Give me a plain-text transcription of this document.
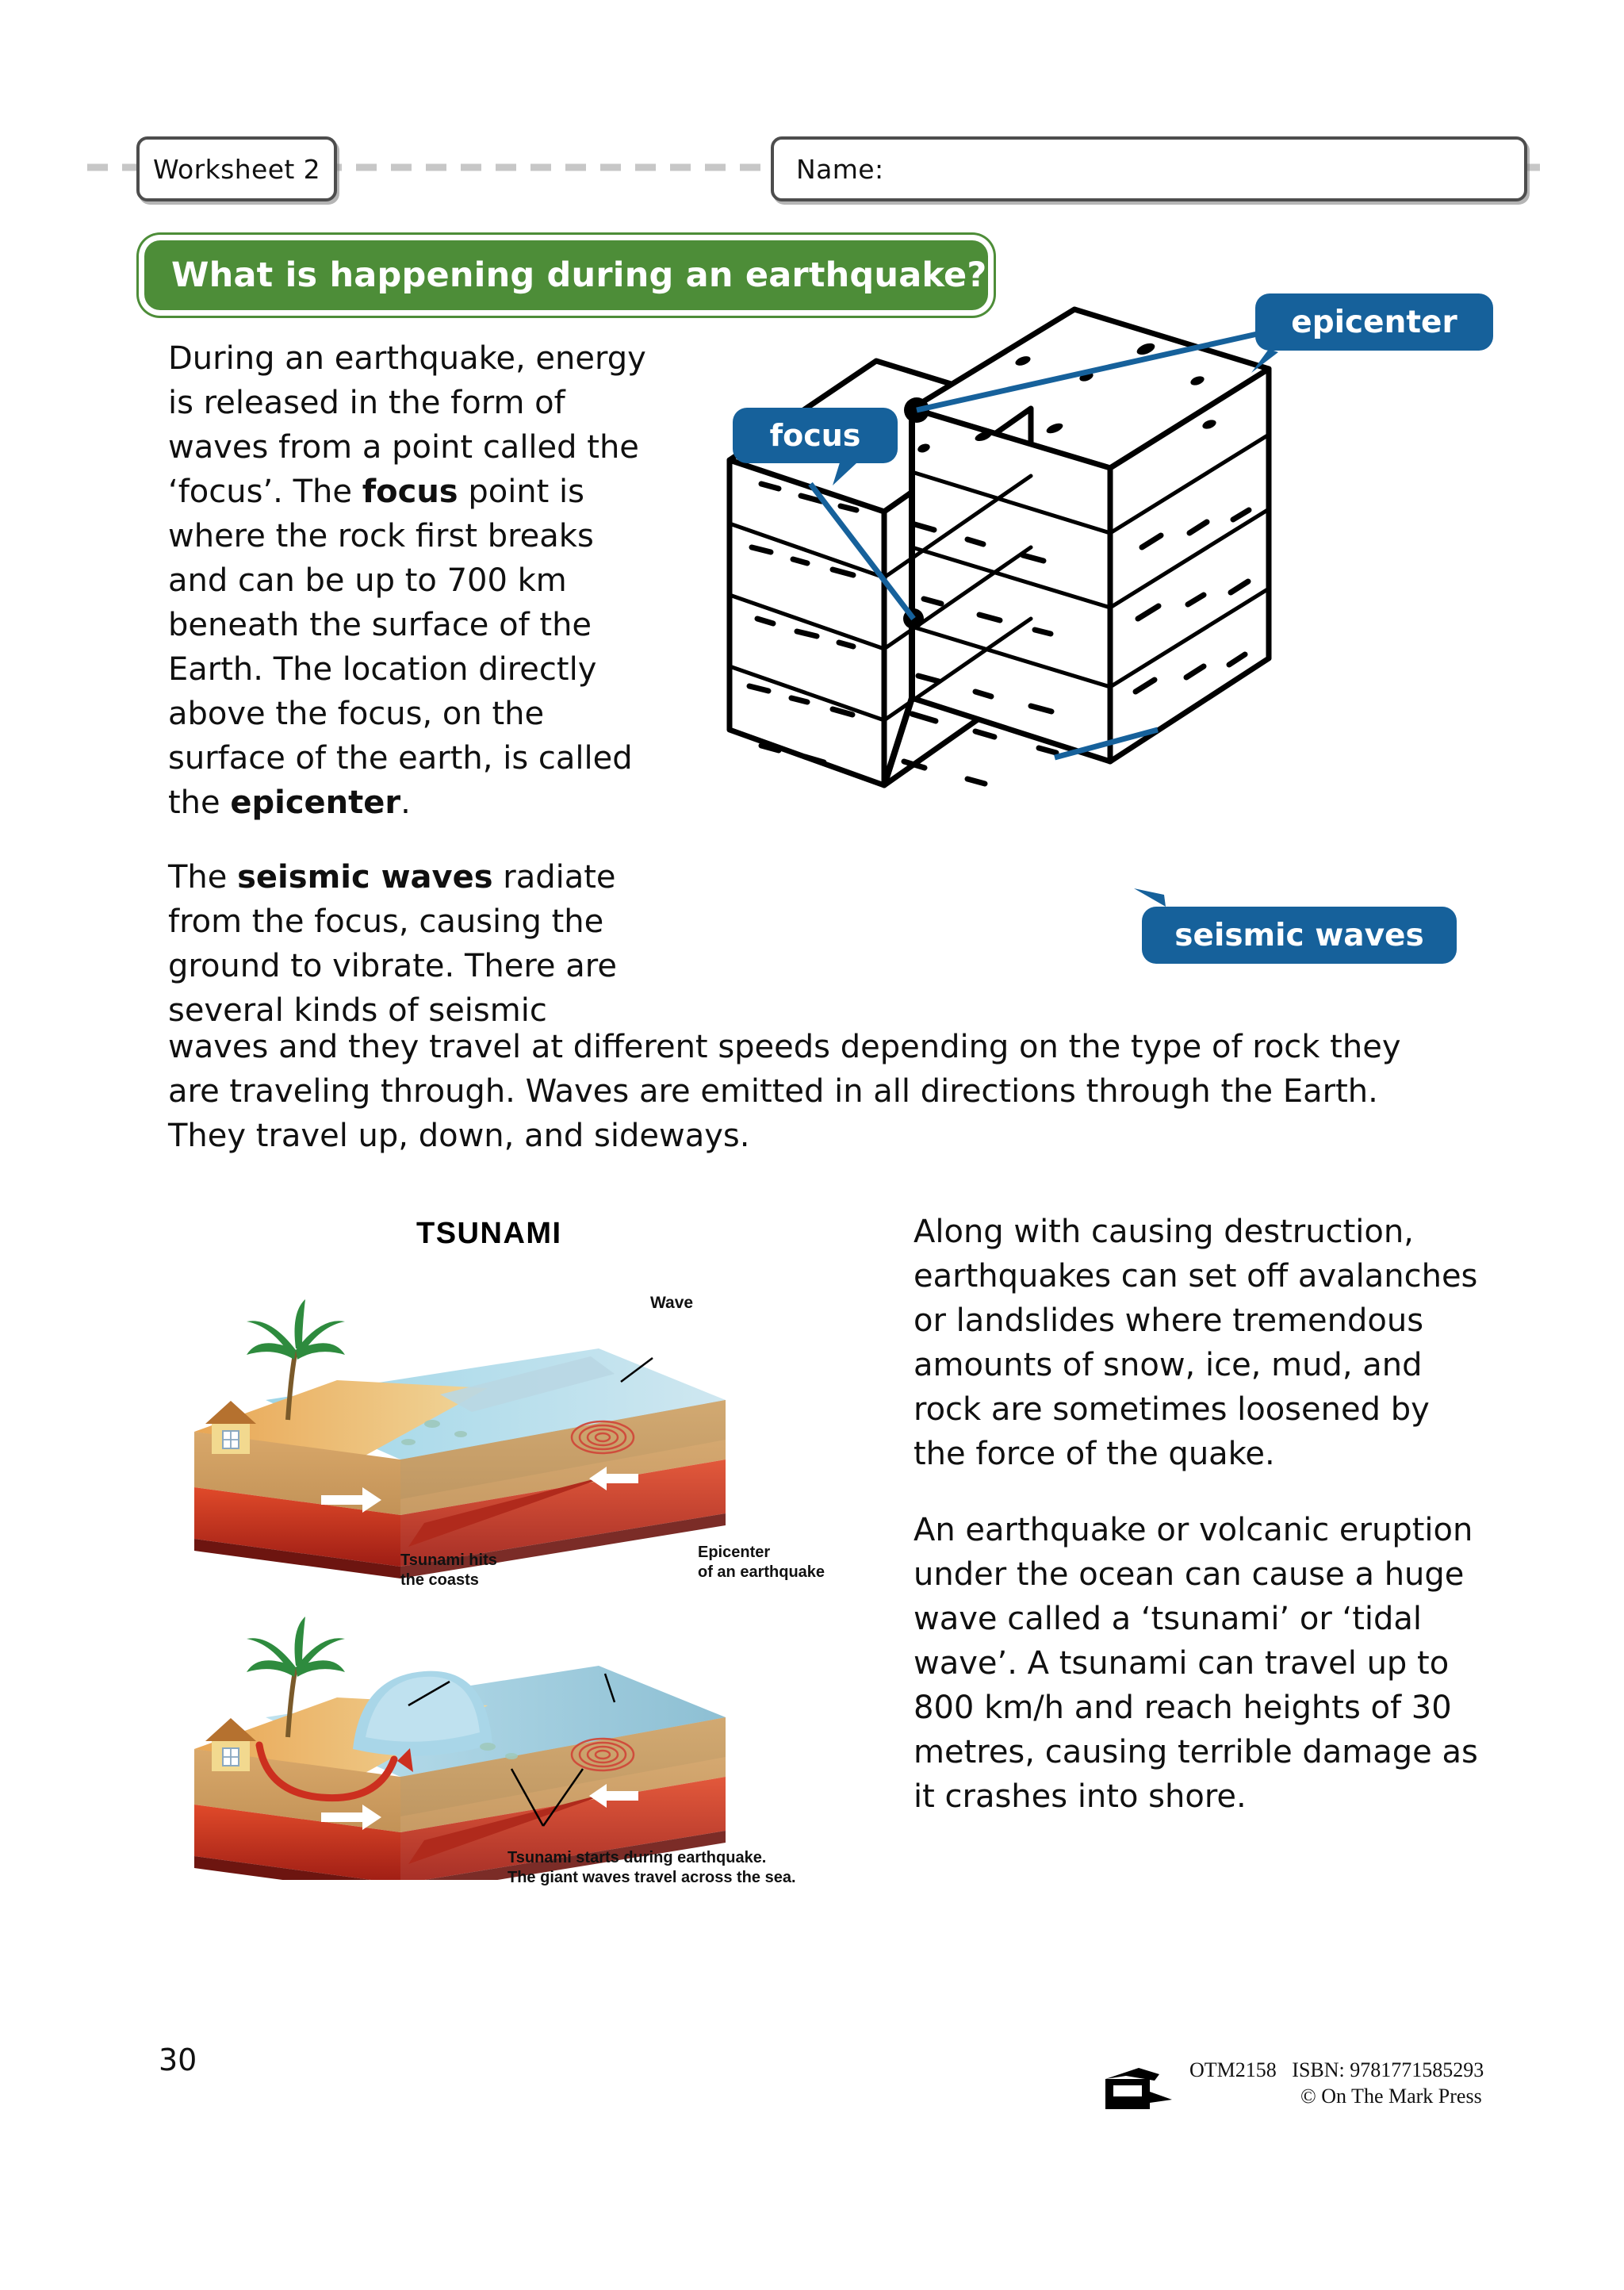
Worksheet 2	Name:
What is happening during an earthquake?

During an earthquake, energy is released in the form of waves from a point called the ‘focus’. The focus point is where the rock first breaks and can be up to 700 km beneath the surface of the Earth. The location directly above the focus, on the surface of the earth, is called the epicenter.

The seismic waves radiate from the focus, causing the ground to vibrate. There are several kinds of seismic

waves and they travel at different speeds depending on the type of rock they are traveling through. Waves are emitted in all directions through the Earth. They travel up, down, and sideways.

epicenter
focus
seismic waves
TSUNAMI
Wave
Tsunami hits
the coasts
Epicenter
of an earthquake
Tsunami starts during earthquake.
The giant waves travel across the sea.

Along with causing destruction, earthquakes can set off avalanches or landslides where tremendous amounts of snow, ice, mud, and rock are sometimes loosened by the force of the quake.

An earthquake or volcanic eruption under the ocean can cause a huge wave called a ‘tsunami’ or ‘tidal wave’. A tsunami can travel up to 800 km/h and reach heights of 30 metres, causing terrible damage as it crashes into shore.

30	OTM2158 ISBN: 9781771585293
© On The Mark Press
